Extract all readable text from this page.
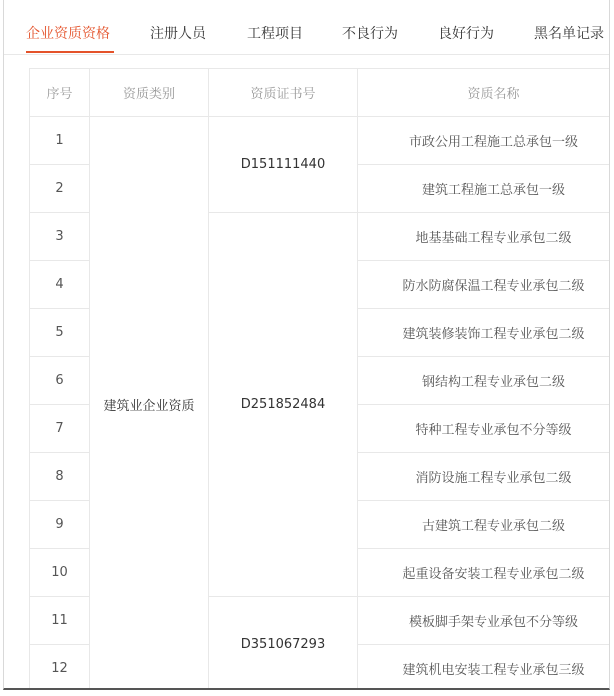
企业资质资格	注册人员	工程项目	不良行为	良好行为	黑名单记录
序号	资质类别	资质证书号	资质名称
1	建筑业企业资质	D151111440	市政公用工程施工总承包一级
2			建筑工程施工总承包一级
3		D251852484	地基基础工程专业承包二级
4			防水防腐保温工程专业承包二级
5			建筑装修装饰工程专业承包二级
6			钢结构工程专业承包二级
7			特种工程专业承包不分等级
8			消防设施工程专业承包二级
9			古建筑工程专业承包二级
10			起重设备安装工程专业承包二级
11		D351067293	模板脚手架专业承包不分等级
12			建筑机电安装工程专业承包三级
